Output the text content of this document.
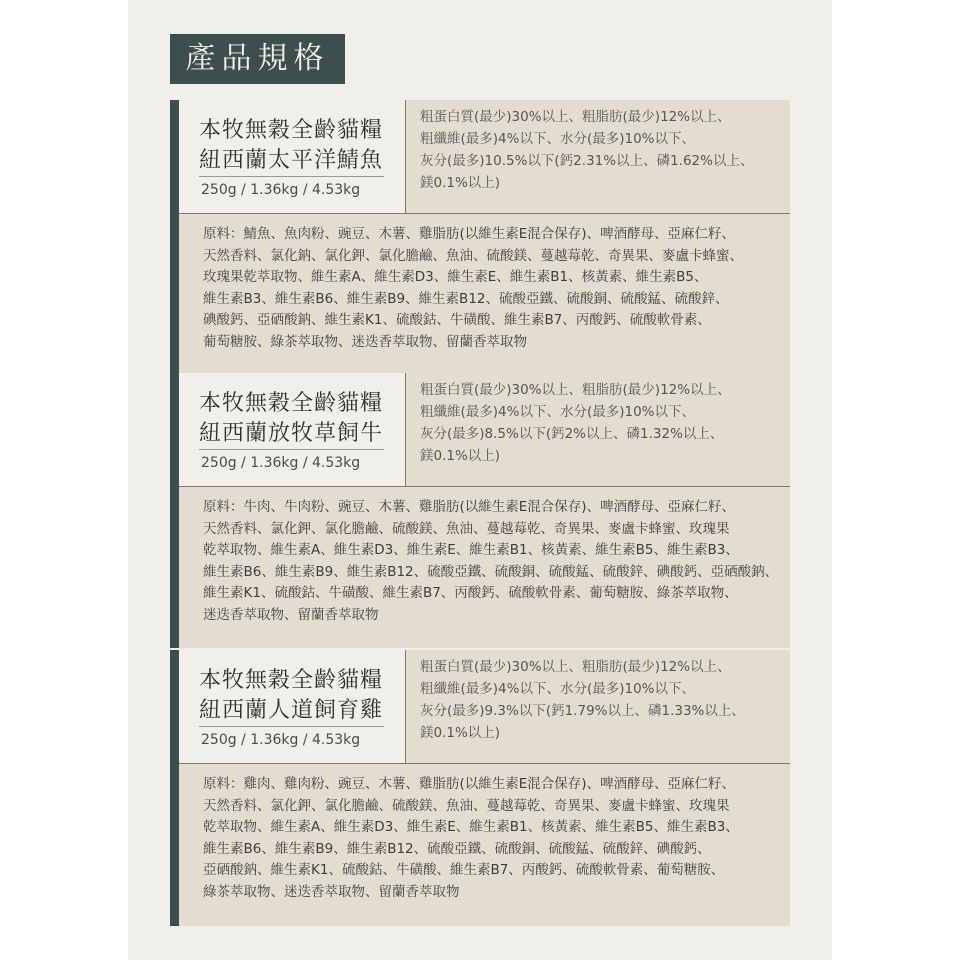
產品規格
本牧無穀全齡貓糧
紐西蘭太平洋鯖魚
250g / 1.36kg / 4.53kg
粗蛋白質(最少)30%以上、粗脂肪(最少)12%以上、
粗纖維(最多)4%以下、水分(最多)10%以下、
灰分(最多)10.5%以下(鈣2.31%以上、磷1.62%以上、
鎂0.1%以上)
原料：鯖魚、魚肉粉、豌豆、木薯、雞脂肪(以維生素E混合保存)、啤酒酵母、亞麻仁籽、
天然香料、氯化鈉、氯化鉀、氯化膽鹼、魚油、硫酸鎂、蔓越莓乾、奇異果、麥盧卡蜂蜜、
玫瑰果乾萃取物、維生素A、維生素D3、維生素E、維生素B1、核黃素、維生素B5、
維生素B3、維生素B6、維生素B9、維生素B12、硫酸亞鐵、硫酸銅、硫酸錳、硫酸鋅、
碘酸鈣、亞硒酸鈉、維生素K1、硫酸鈷、牛磺酸、維生素B7、丙酸鈣、硫酸軟骨素、
葡萄糖胺、綠茶萃取物、迷迭香萃取物、留蘭香萃取物
本牧無穀全齡貓糧
紐西蘭放牧草飼牛
250g / 1.36kg / 4.53kg
粗蛋白質(最少)30%以上、粗脂肪(最少)12%以上、
粗纖維(最多)4%以下、水分(最多)10%以下、
灰分(最多)8.5%以下(鈣2%以上、磷1.32%以上、
鎂0.1%以上)
原料：牛肉、牛肉粉、豌豆、木薯、雞脂肪(以維生素E混合保存)、啤酒酵母、亞麻仁籽、
天然香料、氯化鉀、氯化膽鹼、硫酸鎂、魚油、蔓越莓乾、奇異果、麥盧卡蜂蜜、玫瑰果
乾萃取物、維生素A、維生素D3、維生素E、維生素B1、核黃素、維生素B5、維生素B3、
維生素B6、維生素B9、維生素B12、硫酸亞鐵、硫酸銅、硫酸錳、硫酸鋅、碘酸鈣、亞硒酸鈉、
維生素K1、硫酸鈷、牛磺酸、維生素B7、丙酸鈣、硫酸軟骨素、葡萄糖胺、綠茶萃取物、
迷迭香萃取物、留蘭香萃取物
本牧無穀全齡貓糧
紐西蘭人道飼育雞
250g / 1.36kg / 4.53kg
粗蛋白質(最少)30%以上、粗脂肪(最少)12%以上、
粗纖維(最多)4%以下、水分(最多)10%以下、
灰分(最多)9.3%以下(鈣1.79%以上、磷1.33%以上、
鎂0.1%以上)
原料：雞肉、雞肉粉、豌豆、木薯、雞脂肪(以維生素E混合保存)、啤酒酵母、亞麻仁籽、
天然香料、氯化鉀、氯化膽鹼、硫酸鎂、魚油、蔓越莓乾、奇異果、麥盧卡蜂蜜、玫瑰果
乾萃取物、維生素A、維生素D3、維生素E、維生素B1、核黃素、維生素B5、維生素B3、
維生素B6、維生素B9、維生素B12、硫酸亞鐵、硫酸銅、硫酸錳、硫酸鋅、碘酸鈣、
亞硒酸鈉、維生素K1、硫酸鈷、牛磺酸、維生素B7、丙酸鈣、硫酸軟骨素、葡萄糖胺、
綠茶萃取物、迷迭香萃取物、留蘭香萃取物
